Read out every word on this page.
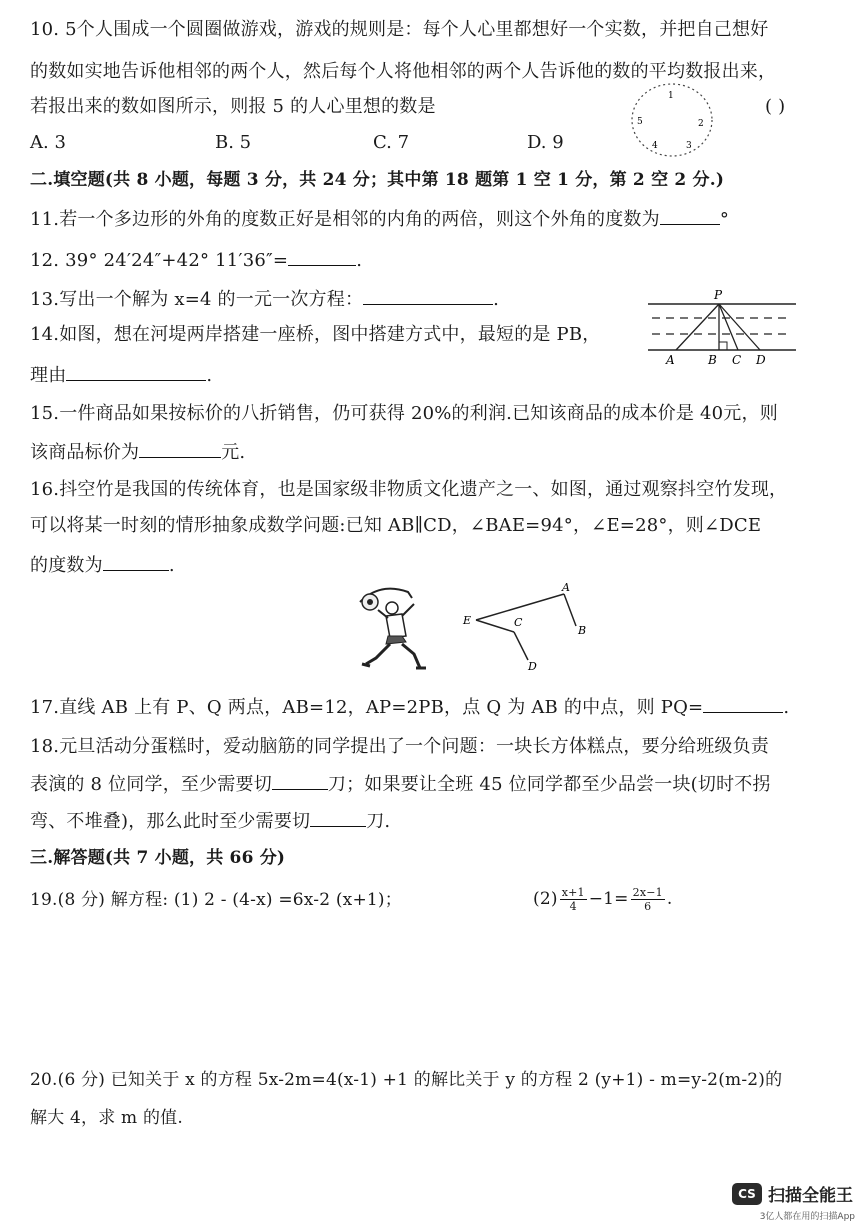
10. 5个人围成一个圆圈做游戏，游戏的规则是：每个人心里都想好一个实数，并把自己想好
的数如实地告诉他相邻的两个人，然后每个人将他相邻的两个人告诉他的数的平均数报出来，
若报出来的数如图所示，则报 5 的人心里想的数是	( )
1
2
3
4
5
A. 3	B. 5	C. 7	D. 9
二.填空题(共 8 小题，每题 3 分，共 24 分；其中第 18 题第 1 空 1 分，第 2 空 2 分.)
11.若一个多边形的外角的度数正好是相邻的内角的两倍，则这个外角的度数为	°
12. 39° 24′24″+42° 11′36″=	.
13.写出一个解为 x=4 的一元一次方程：	.
14.如图，想在河堤两岸搭建一座桥，图中搭建方式中，最短的是 PB，
理由	.
P
A	B C D
15.一件商品如果按标价的八折销售，仍可获得 20%的利润.已知该商品的成本价是 40元，则
该商品标价为	元.
16.抖空竹是我国的传统体育，也是国家级非物质文化遗产之一、如图，通过观察抖空竹发现，
可以将某一时刻的情形抽象成数学问题:已知 AB∥CD，∠BAE=94°，∠E=28°，则∠DCE
的度数为	.
A
B
C
D
E
17.直线 AB 上有 P、Q 两点，AB=12，AP=2PB，点 Q 为 AB 的中点，则 PQ=	.
18.元旦活动分蛋糕时，爱动脑筋的同学提出了一个问题：一块长方体糕点，要分给班级负责
表演的 8 位同学，至少需要切	刀；如果要让全班 45 位同学都至少品尝一块(切时不拐
弯、不堆叠)，那么此时至少需要切	刀.
三.解答题(共 7 小题，共 66 分)
19.(8 分) 解方程: (1) 2 - (4-x) =6x-2 (x+1)；	$(2) \frac{x+1}{4} -1= \frac{2x-1}{6}$ .
20.(6 分) 已知关于 x 的方程 5x-2m=4(x-1) +1 的解比关于 y 的方程 2 (y+1) - m=y-2(m-2)的
解大 4，求 m 的值.
CS 扫描全能王
3亿人都在用的扫描App
